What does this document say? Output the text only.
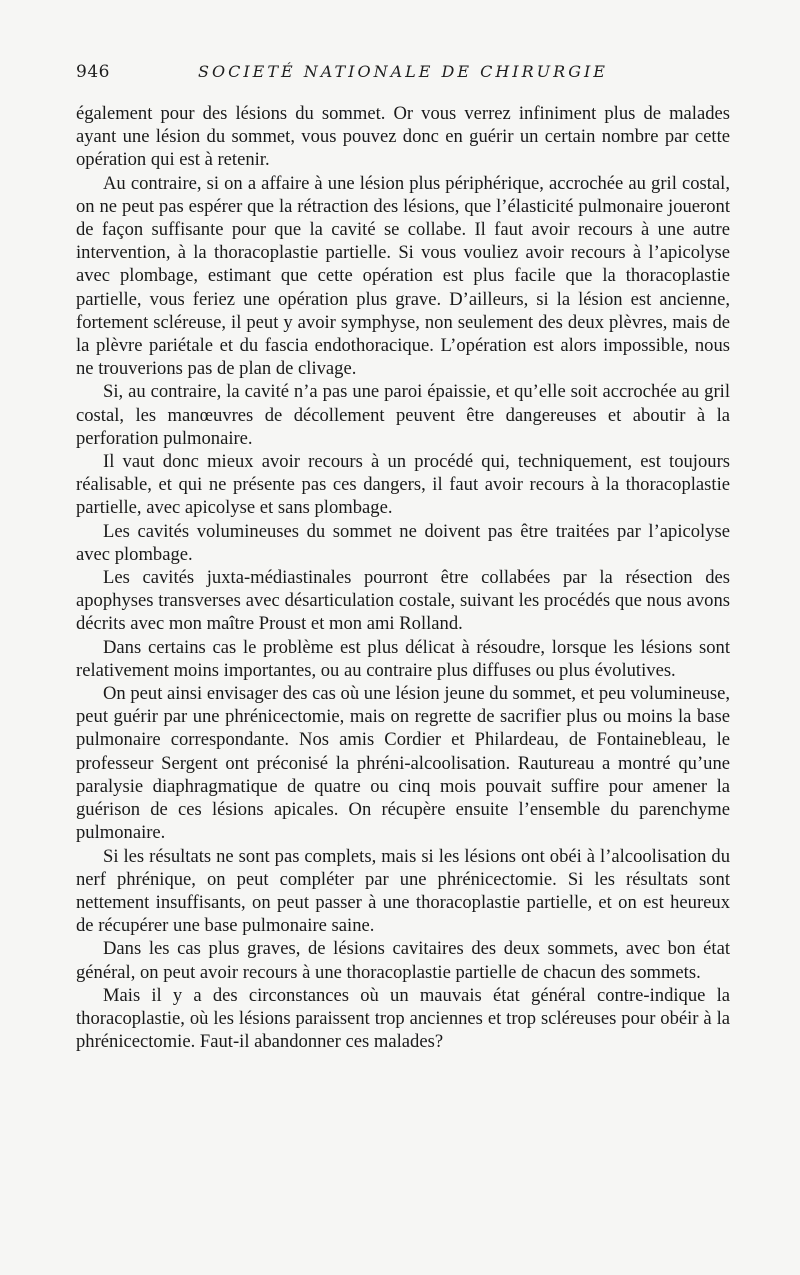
946	SOCIETÉ NATIONALE DE CHIRURGIE

également pour des lésions du sommet. Or vous verrez infiniment plus de malades ayant une lésion du sommet, vous pouvez donc en guérir un certain nombre par cette opération qui est à retenir.

Au contraire, si on a affaire à une lésion plus périphérique, accrochée au gril costal, on ne peut pas espérer que la rétraction des lésions, que l’élasticité pulmonaire joueront de façon suffisante pour que la cavité se collabe. Il faut avoir recours à une autre intervention, à la thoracoplastie partielle. Si vous vouliez avoir recours à l’apicolyse avec plombage, estimant que cette opération est plus facile que la thoracoplastie partielle, vous feriez une opération plus grave. D’ailleurs, si la lésion est ancienne, fortement scléreuse, il peut y avoir symphyse, non seulement des deux plèvres, mais de la plèvre pariétale et du fascia endothoracique. L’opération est alors impossible, nous ne trouverions pas de plan de clivage.

Si, au contraire, la cavité n’a pas une paroi épaissie, et qu’elle soit accrochée au gril costal, les manœuvres de décollement peuvent être dangereuses et aboutir à la perforation pulmonaire.

Il vaut donc mieux avoir recours à un procédé qui, techniquement, est toujours réalisable, et qui ne présente pas ces dangers, il faut avoir recours à la thoracoplastie partielle, avec apicolyse et sans plombage.

Les cavités volumineuses du sommet ne doivent pas être traitées par l’apicolyse avec plombage.

Les cavités juxta-médiastinales pourront être collabées par la résection des apophyses transverses avec désarticulation costale, suivant les procédés que nous avons décrits avec mon maître Proust et mon ami Rolland.

Dans certains cas le problème est plus délicat à résoudre, lorsque les lésions sont relativement moins importantes, ou au contraire plus diffuses ou plus évolutives.

On peut ainsi envisager des cas où une lésion jeune du sommet, et peu volumineuse, peut guérir par une phrénicectomie, mais on regrette de sacrifier plus ou moins la base pulmonaire correspondante. Nos amis Cordier et Philardeau, de Fontainebleau, le professeur Sergent ont préconisé la phréni-alcoolisation. Rautureau a montré qu’une paralysie diaphragmatique de quatre ou cinq mois pouvait suffire pour amener la guérison de ces lésions apicales. On récupère ensuite l’ensemble du parenchyme pulmonaire.

Si les résultats ne sont pas complets, mais si les lésions ont obéi à l’alcoolisation du nerf phrénique, on peut compléter par une phrénicectomie. Si les résultats sont nettement insuffisants, on peut passer à une thoracoplastie partielle, et on est heureux de récupérer une base pulmonaire saine.

Dans les cas plus graves, de lésions cavitaires des deux sommets, avec bon état général, on peut avoir recours à une thoracoplastie partielle de chacun des sommets.

Mais il y a des circonstances où un mauvais état général contre-indique la thoracoplastie, où les lésions paraissent trop anciennes et trop scléreuses pour obéir à la phrénicectomie. Faut-il abandonner ces malades?
